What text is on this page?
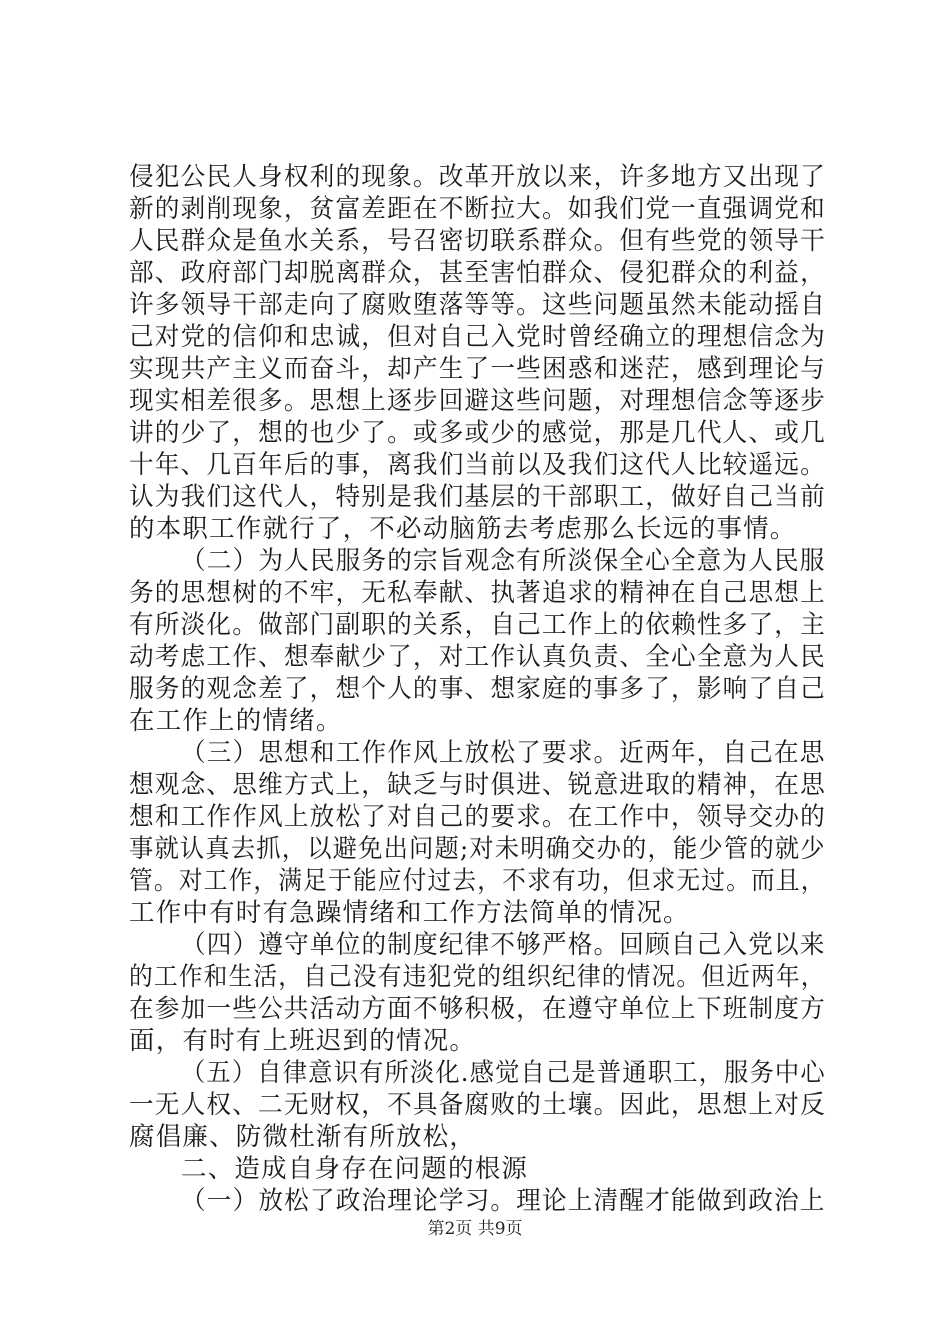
侵犯公民人身权利的现象。改革开放以来，许多地方又出现了
新的剥削现象，贫富差距在不断拉大。如我们党一直强调党和
人民群众是鱼水关系，号召密切联系群众。但有些党的领导干
部、政府部门却脱离群众，甚至害怕群众、侵犯群众的利益，
许多领导干部走向了腐败堕落等等。这些问题虽然未能动摇自
己对党的信仰和忠诚，但对自己入党时曾经确立的理想信念为
实现共产主义而奋斗，却产生了一些困惑和迷茫，感到理论与
现实相差很多。思想上逐步回避这些问题，对理想信念等逐步
讲的少了，想的也少了。或多或少的感觉，那是几代人、或几
十年、几百年后的事，离我们当前以及我们这代人比较遥远。
认为我们这代人，特别是我们基层的干部职工，做好自己当前
的本职工作就行了，不必动脑筋去考虑那么长远的事情。
（二）为人民服务的宗旨观念有所淡保全心全意为人民服
务的思想树的不牢，无私奉献、执著追求的精神在自己思想上
有所淡化。做部门副职的关系，自己工作上的依赖性多了，主
动考虑工作、想奉献少了，对工作认真负责、全心全意为人民
服务的观念差了，想个人的事、想家庭的事多了，影响了自己
在工作上的情绪。
（三）思想和工作作风上放松了要求。近两年，自己在思
想观念、思维方式上，缺乏与时俱进、锐意进取的精神，在思
想和工作作风上放松了对自己的要求。在工作中，领导交办的
事就认真去抓，以避免出问题;对未明确交办的，能少管的就少
管。对工作，满足于能应付过去，不求有功，但求无过。而且，
工作中有时有急躁情绪和工作方法简单的情况。
（四）遵守单位的制度纪律不够严格。回顾自己入党以来
的工作和生活，自己没有违犯党的组织纪律的情况。但近两年，
在参加一些公共活动方面不够积极，在遵守单位上下班制度方
面，有时有上班迟到的情况。
（五）自律意识有所淡化.感觉自己是普通职工，服务中心
一无人权、二无财权，不具备腐败的土壤。因此，思想上对反
腐倡廉、防微杜渐有所放松，
二、造成自身存在问题的根源
（一）放松了政治理论学习。理论上清醒才能做到政治上
第2页 共9页
